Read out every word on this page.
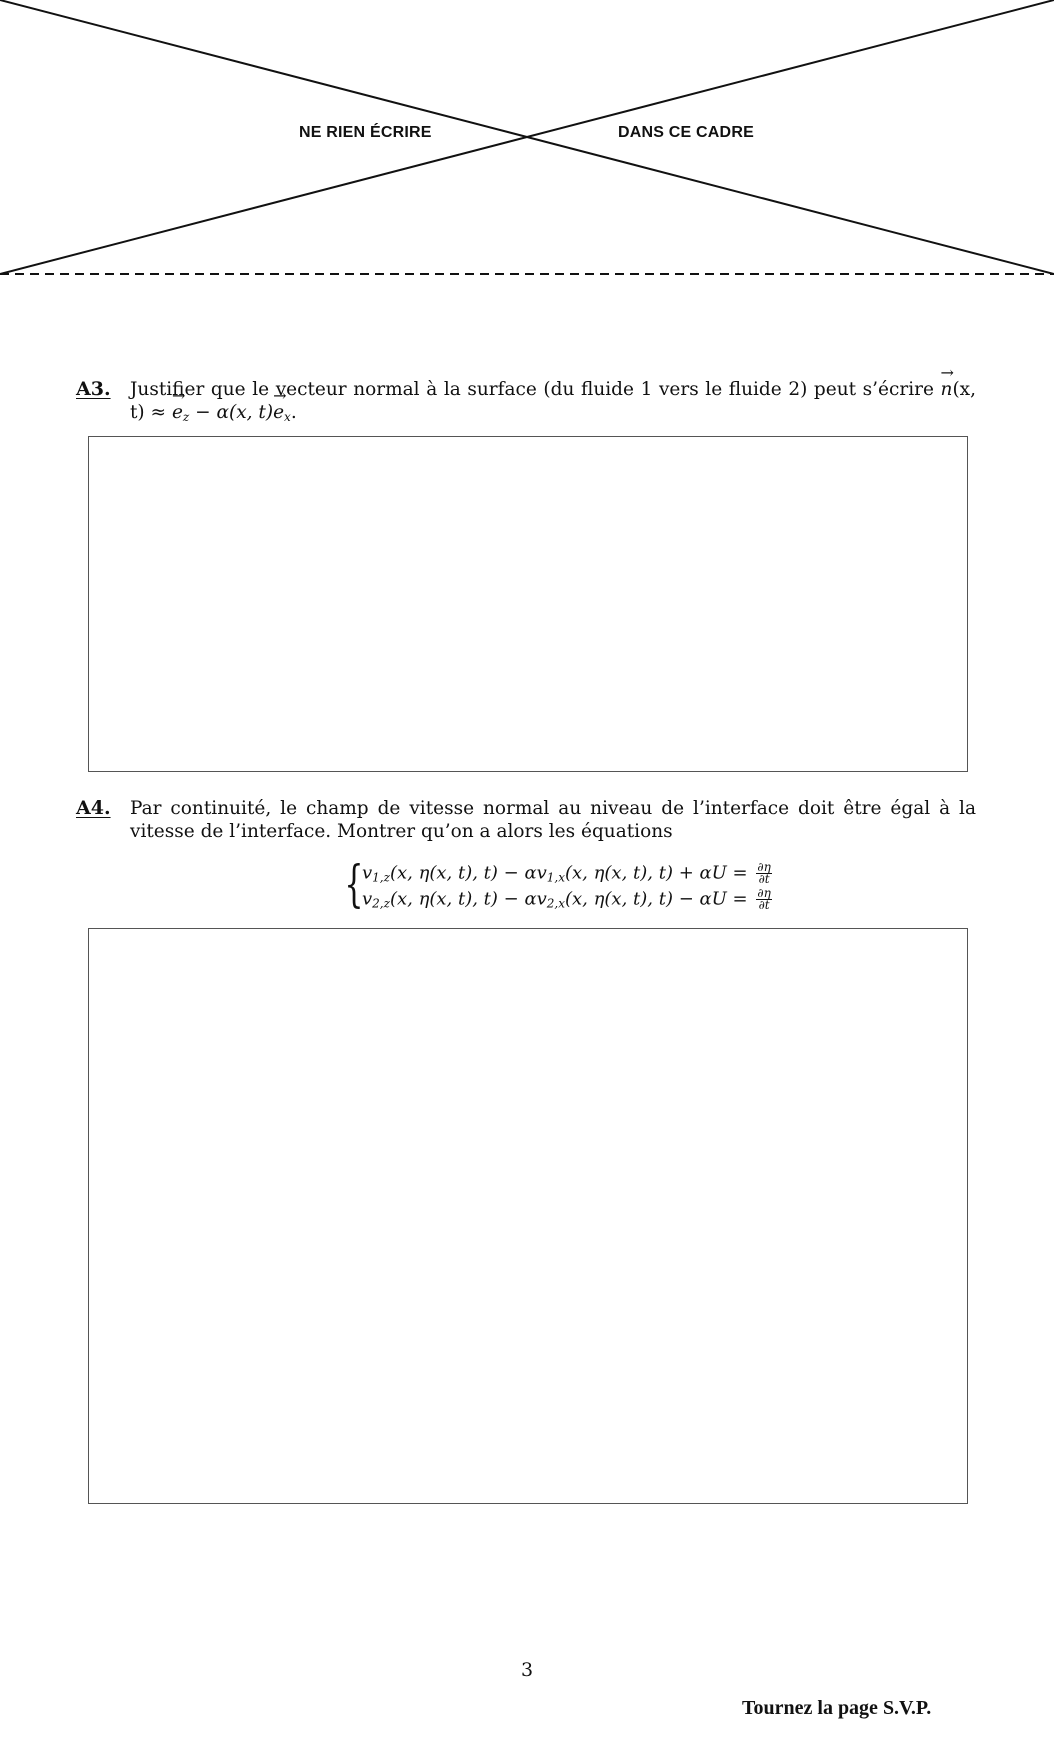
NE RIEN ÉCRIRE	DANS CE CADRE
A3. Justifier que le vecteur normal à la surface (du fluide 1 vers le fluide 2) peut s’écrire → n(x, t) ≈ → $e_z - \alpha(x$, $t)\to e_x$.
A4. Par continuité, le champ de vitesse normal au niveau de l’interface doit être égal à la vitesse de l’interface. Montrer qu’on a alors les équations
{
$v_{1,z}(x$, η(x, t), $t) - \alpha v_{1,x}(x$, η(x, t), $t) + \alpha U = \frac{\partial\eta}{\partial t}$
$v_{2,z}(x$, η(x, t), $t) - \alpha v_{2,x}(x$, η(x, t), $t) - \alpha U = \frac{\partial\eta}{\partial t}$
3
Tournez la page S.V.P.
